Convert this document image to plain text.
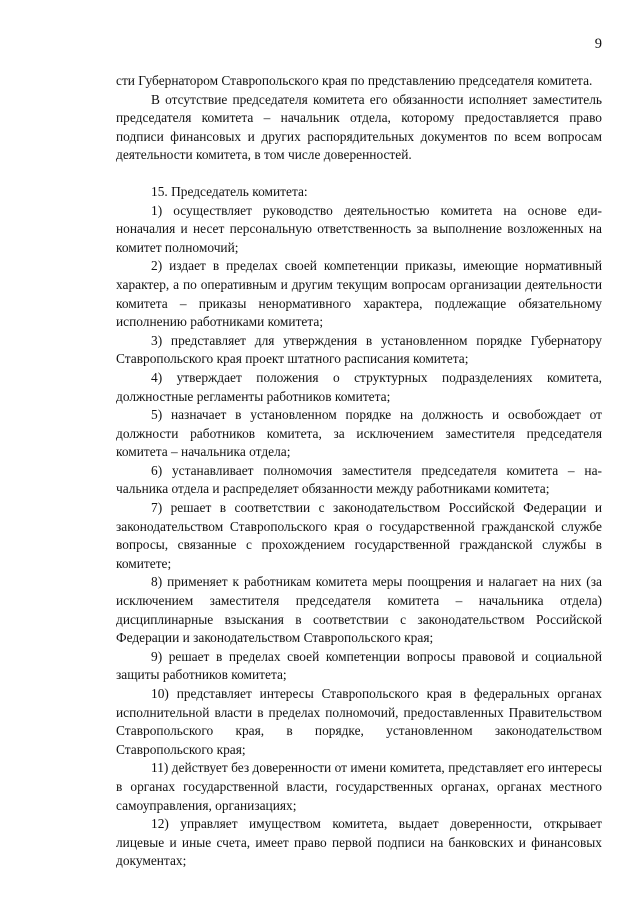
9

сти Губернатором Ставропольского края по представлению председателя комитета.

В отсутствие председателя комитета его обязанности исполняет заместитель председателя комитета – начальник отдела, которому предоставляется право подписи финансовых и других распорядительных документов по всем вопросам деятельности комитета, в том числе доверенностей.

15. Председатель комитета:

1) осуществляет руководство деятельностью комитета на основе единоначалия и несет персональную ответственность за выполнение возложенных на комитет полномочий;

2) издает в пределах своей компетенции приказы, имеющие нормативный характер, а по оперативным и другим текущим вопросам организации деятельности комитета – приказы ненормативного характера, подлежащие обязательному исполнению работниками комитета;

3) представляет для утверждения в установленном порядке Губернатору Ставропольского края проект штатного расписания комитета;

4) утверждает положения о структурных подразделениях комитета, должностные регламенты работников комитета;

5) назначает в установленном порядке на должность и освобождает от должности работников комитета, за исключением заместителя председателя комитета – начальника отдела;

6) устанавливает полномочия заместителя председателя комитета – начальника отдела и распределяет обязанности между работниками комитета;

7) решает в соответствии с законодательством Российской Федерации и законодательством Ставропольского края о государственной гражданской службе вопросы, связанные с прохождением государственной гражданской службы в комитете;

8) применяет к работникам комитета меры поощрения и налагает на них (за исключением заместителя председателя комитета – начальника отдела) дисциплинарные взыскания в соответствии с законодательством Российской Федерации и законодательством Ставропольского края;

9) решает в пределах своей компетенции вопросы правовой и социальной защиты работников комитета;

10) представляет интересы Ставропольского края в федеральных органах исполнительной власти в пределах полномочий, предоставленных Правительством Ставропольского края, в порядке, установленном законодательством Ставропольского края;

11) действует без доверенности от имени комитета, представляет его интересы в органах государственной власти, государственных органах, органах местного самоуправления, организациях;

12) управляет имуществом комитета, выдает доверенности, открывает лицевые и иные счета, имеет право первой подписи на банковских и финансовых документах;
